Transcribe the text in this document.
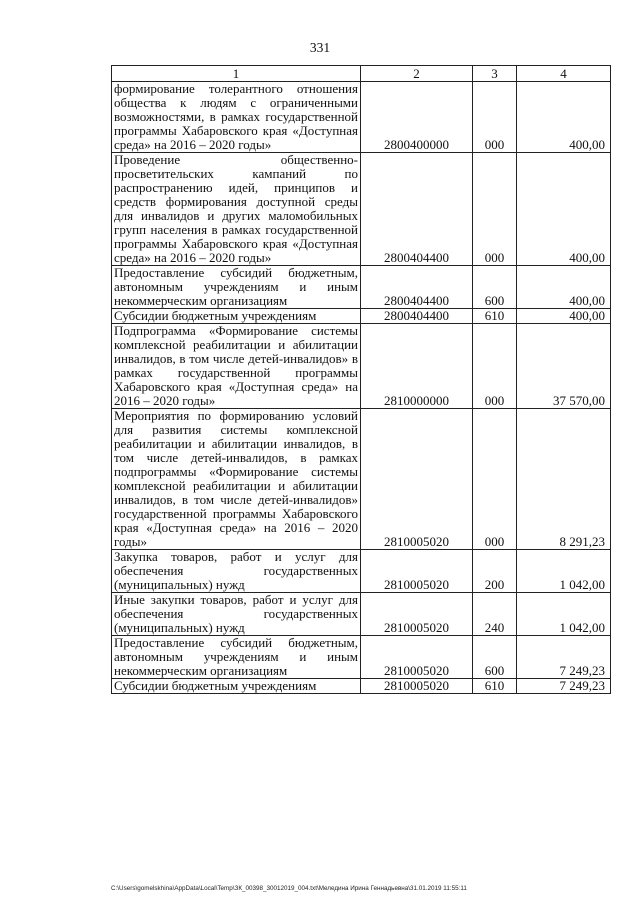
331
1	2	3	4
формирование толерантного отношения общества к людям с ограниченными возможностями, в рамках государственной программы Хабаровского края «Доступная среда» на 2016 – 2020 годы»	2800400000	000	400,00
Проведение общественно-просветительских кампаний по распространению идей, принципов и средств формирования доступной среды для инвалидов и других маломобильных групп населения в рамках государственной программы Хабаровского края «Доступная среда» на 2016 – 2020 годы»	2800404400	000	400,00
Предоставление субсидий бюджетным, автономным учреждениям и иным некоммерческим организациям	2800404400	600	400,00
Субсидии бюджетным учреждениям	2800404400	610	400,00
Подпрограмма «Формирование системы комплексной реабилитации и абилитации инвалидов, в том числе детей-инвалидов» в рамках государственной программы Хабаровского края «Доступная среда» на 2016 – 2020 годы»	2810000000	000	37 570,00
Мероприятия по формированию условий для развития системы комплексной реабилитации и абилитации инвалидов, в том числе детей-инвалидов, в рамках подпрограммы «Формирование системы комплексной реабилитации и абилитации инвалидов, в том числе детей-инвалидов» государственной программы Хабаровского края «Доступная среда» на 2016 – 2020 годы»	2810005020	000	8 291,23
Закупка товаров, работ и услуг для обеспечения государственных (муниципальных) нужд	2810005020	200	1 042,00
Иные закупки товаров, работ и услуг для обеспечения государственных (муниципальных) нужд	2810005020	240	1 042,00
Предоставление субсидий бюджетным, автономным учреждениям и иным некоммерческим организациям	2810005020	600	7 249,23
Субсидии бюджетным учреждениям	2810005020	610	7 249,23
C:\Users\gomelskhina\AppData\Local\Temp\ЗК_00398_30012019_004.txt\Меледина Ирина Геннадьевна\31.01.2019 11:55:11
